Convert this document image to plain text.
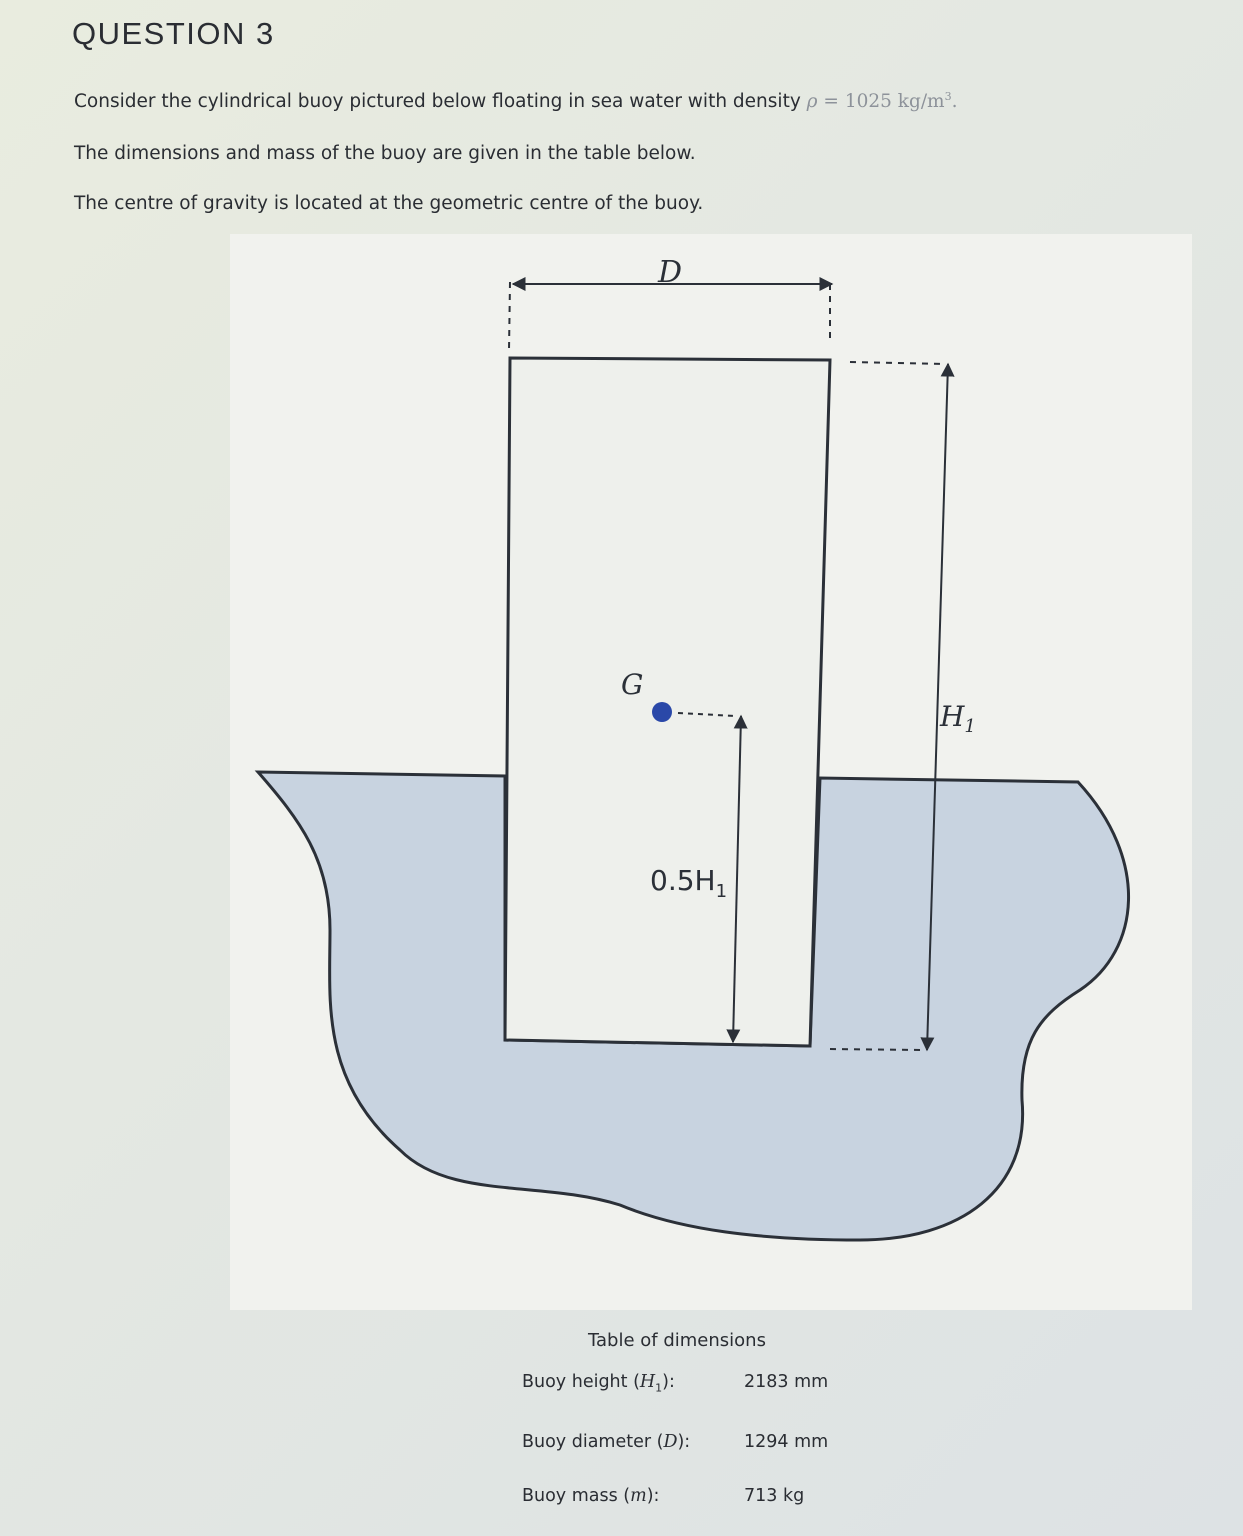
QUESTION 3

Consider the cylindrical buoy pictured below floating in sea water with density ρ = 1025 $kg/m^3$.

The dimensions and mass of the buoy are given in the table below.

The centre of gravity is located at the geometric centre of the buoy.

D
$H_1$
G
$0.5H_1$

Table of dimensions

Buoy height $(H_1)$:	2183 mm
Buoy diameter (D):	1294 mm
Buoy mass (m):	713 kg
